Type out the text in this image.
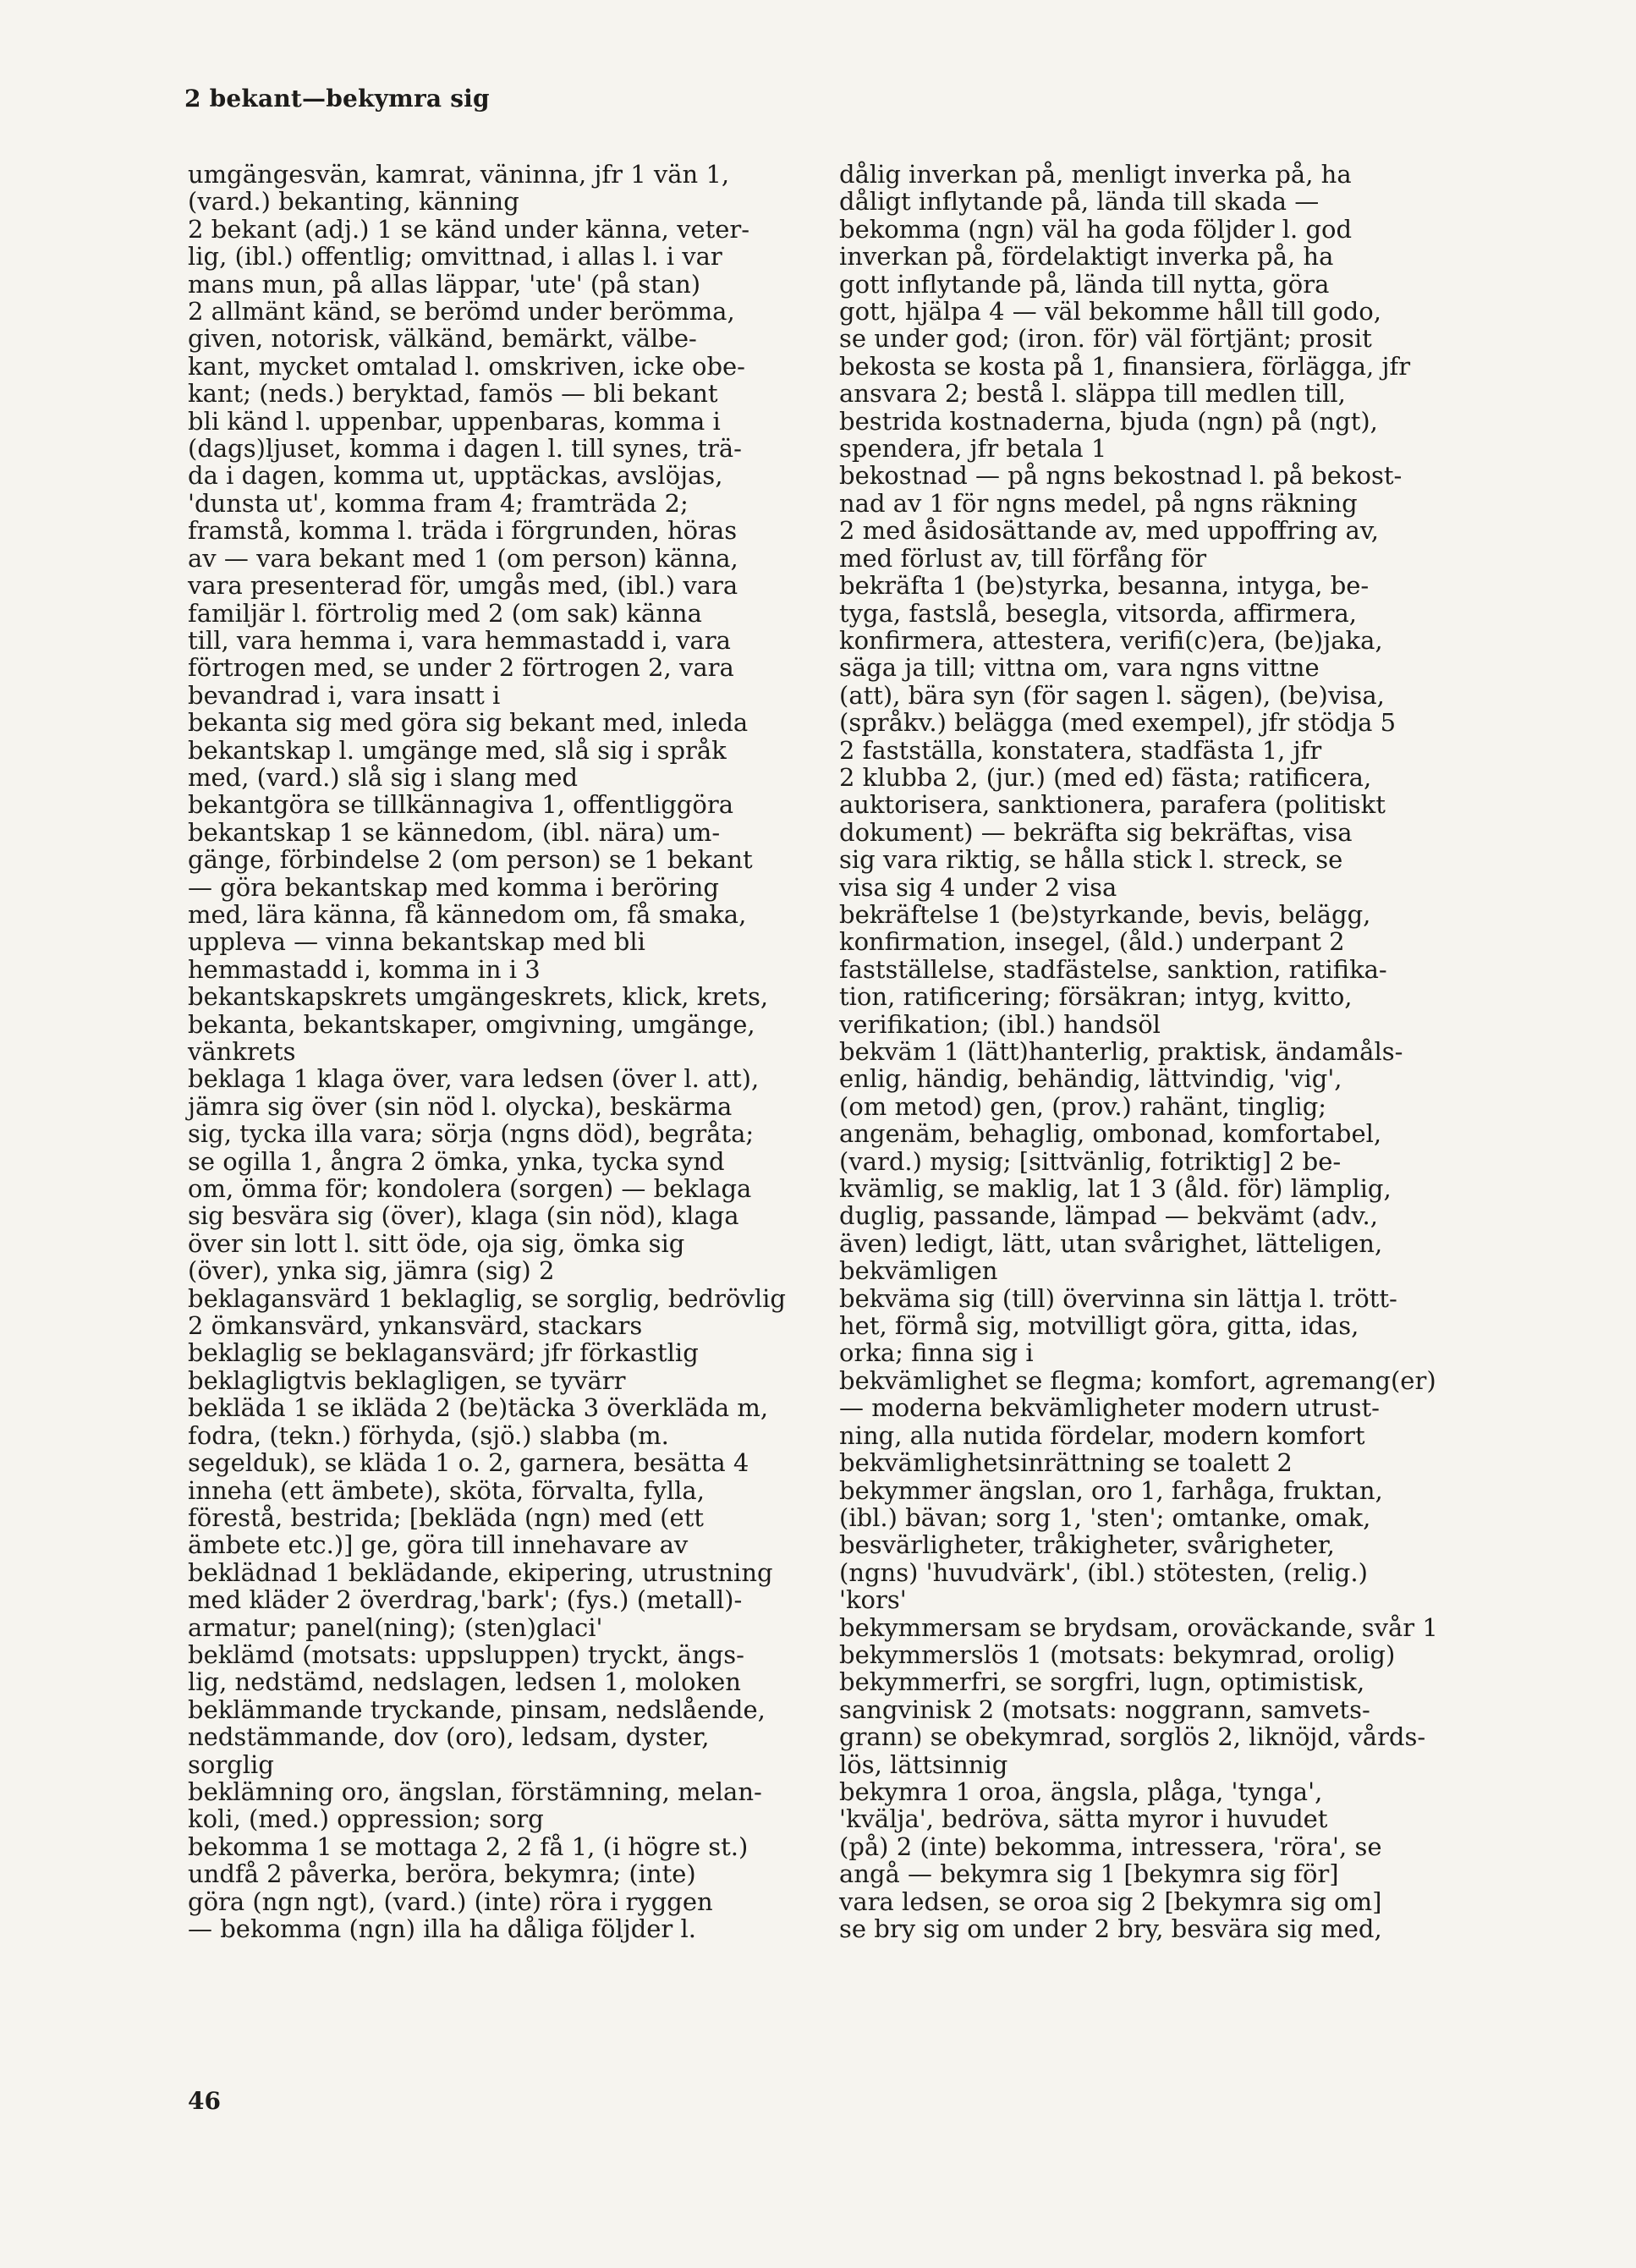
2 bekant—bekymra sig

umgängesvän, kamrat, väninna, jfr 1 vän 1,
(vard.) bekanting, känning

2 bekant (adj.) 1 se känd under känna, veter-
lig, (ibl.) offentlig; omvittnad, i allas l. i var
mans mun, på allas läppar, 'ute' (på stan)
2 allmänt känd, se berömd under berömma,
given, notorisk, välkänd, bemärkt, välbe-
kant, mycket omtalad l. omskriven, icke obe-
kant; (neds.) beryktad, famös — bli bekant
bli känd l. uppenbar, uppenbaras, komma i
(dags)ljuset, komma i dagen l. till synes, trä-
da i dagen, komma ut, upptäckas, avslöjas,
'dunsta ut', komma fram 4; framträda 2;
framstå, komma l. träda i förgrunden, höras
av — vara bekant med 1 (om person) känna,
vara presenterad för, umgås med, (ibl.) vara
familjär l. förtrolig med 2 (om sak) känna
till, vara hemma i, vara hemmastadd i, vara
förtrogen med, se under 2 förtrogen 2, vara
bevandrad i, vara insatt i

bekanta sig med göra sig bekant med, inleda
bekantskap l. umgänge med, slå sig i språk
med, (vard.) slå sig i slang med

bekantgöra se tillkännagiva 1, offentliggöra

bekantskap 1 se kännedom, (ibl. nära) um-
gänge, förbindelse 2 (om person) se 1 bekant
— göra bekantskap med komma i beröring
med, lära känna, få kännedom om, få smaka,
uppleva — vinna bekantskap med bli
hemmastadd i, komma in i 3

bekantskapskrets umgängeskrets, klick, krets,
bekanta, bekantskaper, omgivning, umgänge,
vänkrets

beklaga 1 klaga över, vara ledsen (över l. att),
jämra sig över (sin nöd l. olycka), beskärma
sig, tycka illa vara; sörja (ngns död), begråta;
se ogilla 1, ångra 2 ömka, ynka, tycka synd
om, ömma för; kondolera (sorgen) — beklaga
sig besvära sig (över), klaga (sin nöd), klaga
över sin lott l. sitt öde, oja sig, ömka sig
(över), ynka sig, jämra (sig) 2

beklagansvärd 1 beklaglig, se sorglig, bedrövlig
2 ömkansvärd, ynkansvärd, stackars

beklaglig se beklagansvärd; jfr förkastlig

beklagligtvis beklagligen, se tyvärr

bekläda 1 se ikläda 2 (be)täcka 3 överkläda m,
fodra, (tekn.) förhyda, (sjö.) slabba (m.
segelduk), se kläda 1 o. 2, garnera, besätta 4
inneha (ett ämbete), sköta, förvalta, fylla,
förestå, bestrida; [bekläda (ngn) med (ett
ämbete etc.)] ge, göra till innehavare av

beklädnad 1 beklädande, ekipering, utrustning
med kläder 2 överdrag,'bark'; (fys.) (metall)-
armatur; panel(ning); (sten)glaci'

beklämd (motsats: uppsluppen) tryckt, ängs-
lig, nedstämd, nedslagen, ledsen 1, moloken

beklämmande tryckande, pinsam, nedslående,
nedstämmande, dov (oro), ledsam, dyster,
sorglig

beklämning oro, ängslan, förstämning, melan-
koli, (med.) oppression; sorg

bekomma 1 se mottaga 2, 2 få 1, (i högre st.)
undfå 2 påverka, beröra, bekymra; (inte)
göra (ngn ngt), (vard.) (inte) röra i ryggen
— bekomma (ngn) illa ha dåliga följder l.

dålig inverkan på, menligt inverka på, ha
dåligt inflytande på, lända till skada —
bekomma (ngn) väl ha goda följder l. god
inverkan på, fördelaktigt inverka på, ha
gott inflytande på, lända till nytta, göra
gott, hjälpa 4 — väl bekomme håll till godo,
se under god; (iron. för) väl förtjänt; prosit

bekosta se kosta på 1, finansiera, förlägga, jfr
ansvara 2; bestå l. släppa till medlen till,
bestrida kostnaderna, bjuda (ngn) på (ngt),
spendera, jfr betala 1

bekostnad — på ngns bekostnad l. på bekost-
nad av 1 för ngns medel, på ngns räkning
2 med åsidosättande av, med uppoffring av,
med förlust av, till förfång för

bekräfta 1 (be)styrka, besanna, intyga, be-
tyga, fastslå, besegla, vitsorda, affirmera,
konfirmera, attestera, verifi(c)era, (be)jaka,
säga ja till; vittna om, vara ngns vittne
(att), bära syn (för sagen l. sägen), (be)visa,
(språkv.) belägga (med exempel), jfr stödja 5
2 fastställa, konstatera, stadfästa 1, jfr
2 klubba 2, (jur.) (med ed) fästa; ratificera,
auktorisera, sanktionera, parafera (politiskt
dokument) — bekräfta sig bekräftas, visa
sig vara riktig, se hålla stick l. streck, se
visa sig 4 under 2 visa

bekräftelse 1 (be)styrkande, bevis, belägg,
konfirmation, insegel, (åld.) underpant 2
fastställelse, stadfästelse, sanktion, ratifika-
tion, ratificering; försäkran; intyg, kvitto,
verifikation; (ibl.) handsöl

bekväm 1 (lätt)hanterlig, praktisk, ändamåls-
enlig, händig, behändig, lättvindig, 'vig',
(om metod) gen, (prov.) rahänt, tinglig;
angenäm, behaglig, ombonad, komfortabel,
(vard.) mysig; [sittvänlig, fotriktig] 2 be-
kvämlig, se maklig, lat 1 3 (åld. för) lämplig,
duglig, passande, lämpad — bekvämt (adv.,
även) ledigt, lätt, utan svårighet, lätteligen,
bekvämligen

bekväma sig (till) övervinna sin lättja l. trött-
het, förmå sig, motvilligt göra, gitta, idas,
orka; finna sig i

bekvämlighet se flegma; komfort, agremang(er)
— moderna bekvämligheter modern utrust-
ning, alla nutida fördelar, modern komfort

bekvämlighetsinrättning se toalett 2

bekymmer ängslan, oro 1, farhåga, fruktan,
(ibl.) bävan; sorg 1, 'sten'; omtanke, omak,
besvärligheter, tråkigheter, svårigheter,
(ngns) 'huvudvärk', (ibl.) stötesten, (relig.)
'kors'

bekymmersam se brydsam, oroväckande, svår 1

bekymmerslös 1 (motsats: bekymrad, orolig)
bekymmerfri, se sorgfri, lugn, optimistisk,
sangvinisk 2 (motsats: noggrann, samvets-
grann) se obekymrad, sorglös 2, liknöjd, vårds-
lös, lättsinnig

bekymra 1 oroa, ängsla, plåga, 'tynga',
'kvälja', bedröva, sätta myror i huvudet
(på) 2 (inte) bekomma, intressera, 'röra', se
angå — bekymra sig 1 [bekymra sig för]
vara ledsen, se oroa sig 2 [bekymra sig om]
se bry sig om under 2 bry, besvära sig med,

46
